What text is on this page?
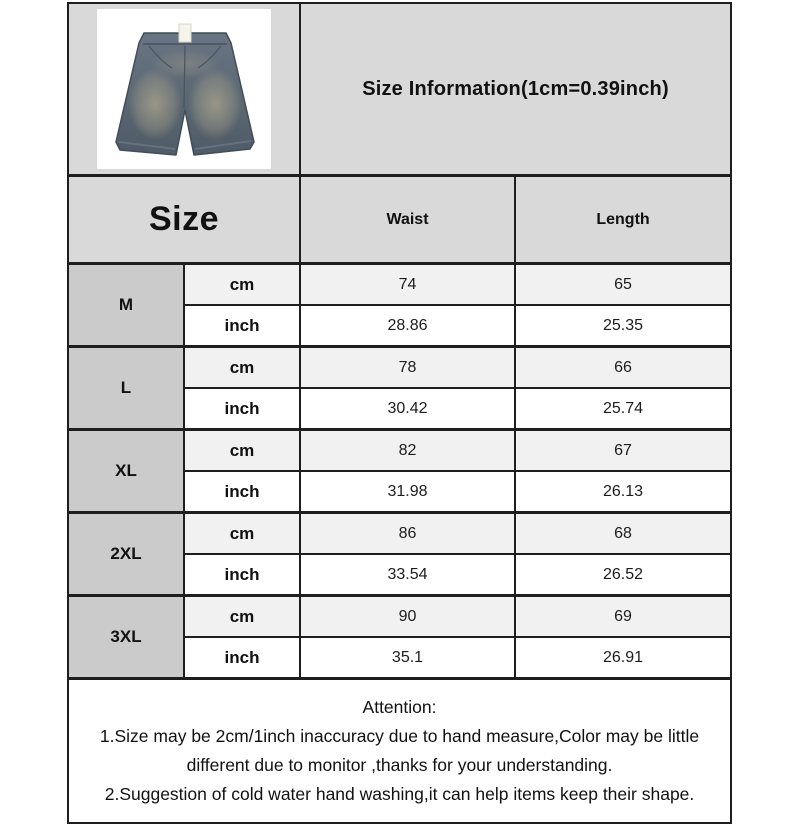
	Size Information(1cm=0.39inch)	
Size		Waist	Length
M	cm	74	65
	inch	28.86	25.35
L	cm	78	66
	inch	30.42	25.74
XL	cm	82	67
	inch	31.98	26.13
2XL	cm	86	68
	inch	33.54	26.52
3XL	cm	90	69
	inch	35.1	26.91

Attention:
1.Size may be 2cm/1inch inaccuracy due to hand measure,Color may be little
different due to monitor ,thanks for your understanding.
2.Suggestion of cold water hand washing,it can help items keep their shape.			
